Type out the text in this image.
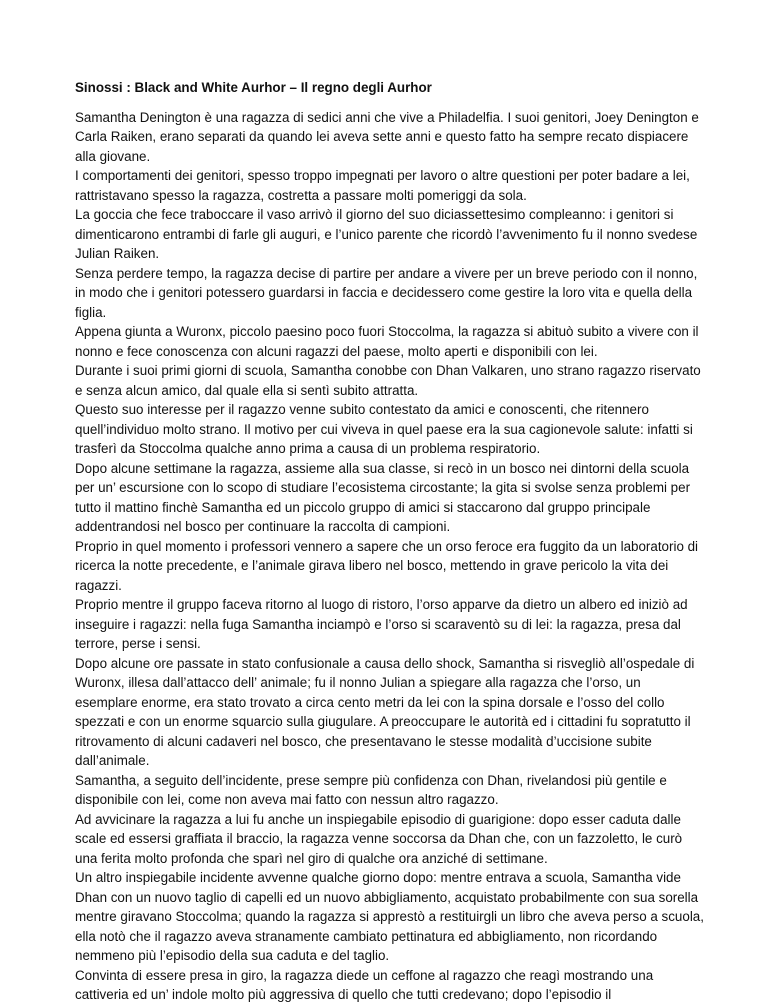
Sinossi : Black and White Aurhor – Il regno degli Aurhor

Samantha Denington è una ragazza di sedici anni che vive a Philadelfia. I suoi genitori, Joey Denington e Carla Raiken, erano separati da quando lei aveva sette anni e questo fatto ha sempre recato dispiacere alla giovane.

I comportamenti dei genitori, spesso troppo impegnati per lavoro o altre questioni per poter badare a lei, rattristavano spesso la ragazza, costretta a passare molti pomeriggi da sola.

La goccia che fece traboccare il vaso arrivò il giorno del suo diciassettesimo compleanno: i genitori si dimenticarono entrambi di farle gli auguri, e l’unico parente che ricordò l’avvenimento fu il nonno svedese Julian Raiken.

Senza perdere tempo, la ragazza decise di partire per andare a vivere per un breve periodo con il nonno, in modo che i genitori potessero guardarsi in faccia e decidessero come gestire la loro vita e quella della figlia.

Appena giunta a Wuronx, piccolo paesino poco fuori Stoccolma, la ragazza si abituò subito a vivere con il nonno e fece conoscenza con alcuni ragazzi del paese, molto aperti e disponibili con lei.

Durante i suoi primi giorni di scuola, Samantha conobbe con Dhan Valkaren, uno strano ragazzo riservato e senza alcun amico, dal quale ella si sentì subito attratta.

Questo suo interesse per il ragazzo venne subito contestato da amici e conoscenti, che ritennero quell’individuo molto strano. Il motivo per cui viveva in quel paese era la sua cagionevole salute: infatti si trasferì da Stoccolma qualche anno prima a causa di un problema respiratorio.

Dopo alcune settimane la ragazza, assieme alla sua classe, si recò in un bosco nei dintorni della scuola per un’ escursione con lo scopo di studiare l’ecosistema circostante; la gita si svolse senza problemi per tutto il mattino finchè Samantha ed un piccolo gruppo di amici si staccarono dal gruppo principale addentrandosi nel bosco per continuare la raccolta di campioni.

Proprio in quel momento i professori vennero a sapere che un orso feroce era fuggito da un laboratorio di ricerca la notte precedente, e l’animale girava libero nel bosco, mettendo in grave pericolo la vita dei ragazzi.

Proprio mentre il gruppo faceva ritorno al luogo di ristoro, l’orso apparve da dietro un albero ed iniziò ad inseguire i ragazzi: nella fuga Samantha inciampò e l’orso si scaraventò su di lei: la ragazza, presa dal terrore, perse i sensi.

Dopo alcune ore passate in stato confusionale a causa dello shock, Samantha si risvegliò all’ospedale di Wuronx, illesa dall’attacco dell’ animale; fu il nonno Julian a spiegare alla ragazza che l’orso, un esemplare enorme, era stato trovato a circa cento metri da lei con la spina dorsale e l’osso del collo spezzati e con un enorme squarcio sulla giugulare. A preoccupare le autorità ed i cittadini fu sopratutto il ritrovamento di alcuni cadaveri nel bosco, che presentavano le stesse modalità d’uccisione subite dall’animale.

Samantha, a seguito dell’incidente, prese sempre più confidenza con Dhan, rivelandosi più gentile e disponibile con lei, come non aveva mai fatto con nessun altro ragazzo.

Ad avvicinare la ragazza a lui fu anche un inspiegabile episodio di guarigione: dopo esser caduta dalle scale ed essersi graffiata il braccio, la ragazza venne soccorsa da Dhan che, con un fazzoletto, le curò una ferita molto profonda che sparì nel giro di qualche ora anziché di settimane.

Un altro inspiegabile incidente avvenne qualche giorno dopo: mentre entrava a scuola, Samantha vide Dhan con un nuovo taglio di capelli ed un nuovo abbigliamento, acquistato probabilmente con sua sorella mentre giravano Stoccolma; quando la ragazza si apprestò a restituirgli un libro che aveva perso a scuola, ella notò che il ragazzo aveva stranamente cambiato pettinatura ed abbigliamento, non ricordando nemmeno più l’episodio della sua caduta e del taglio.

Convinta di essere presa in giro, la ragazza diede un ceffone al ragazzo che reagì mostrando una cattiveria ed un’ indole molto più aggressiva di quello che tutti credevano; dopo l’episodio il
